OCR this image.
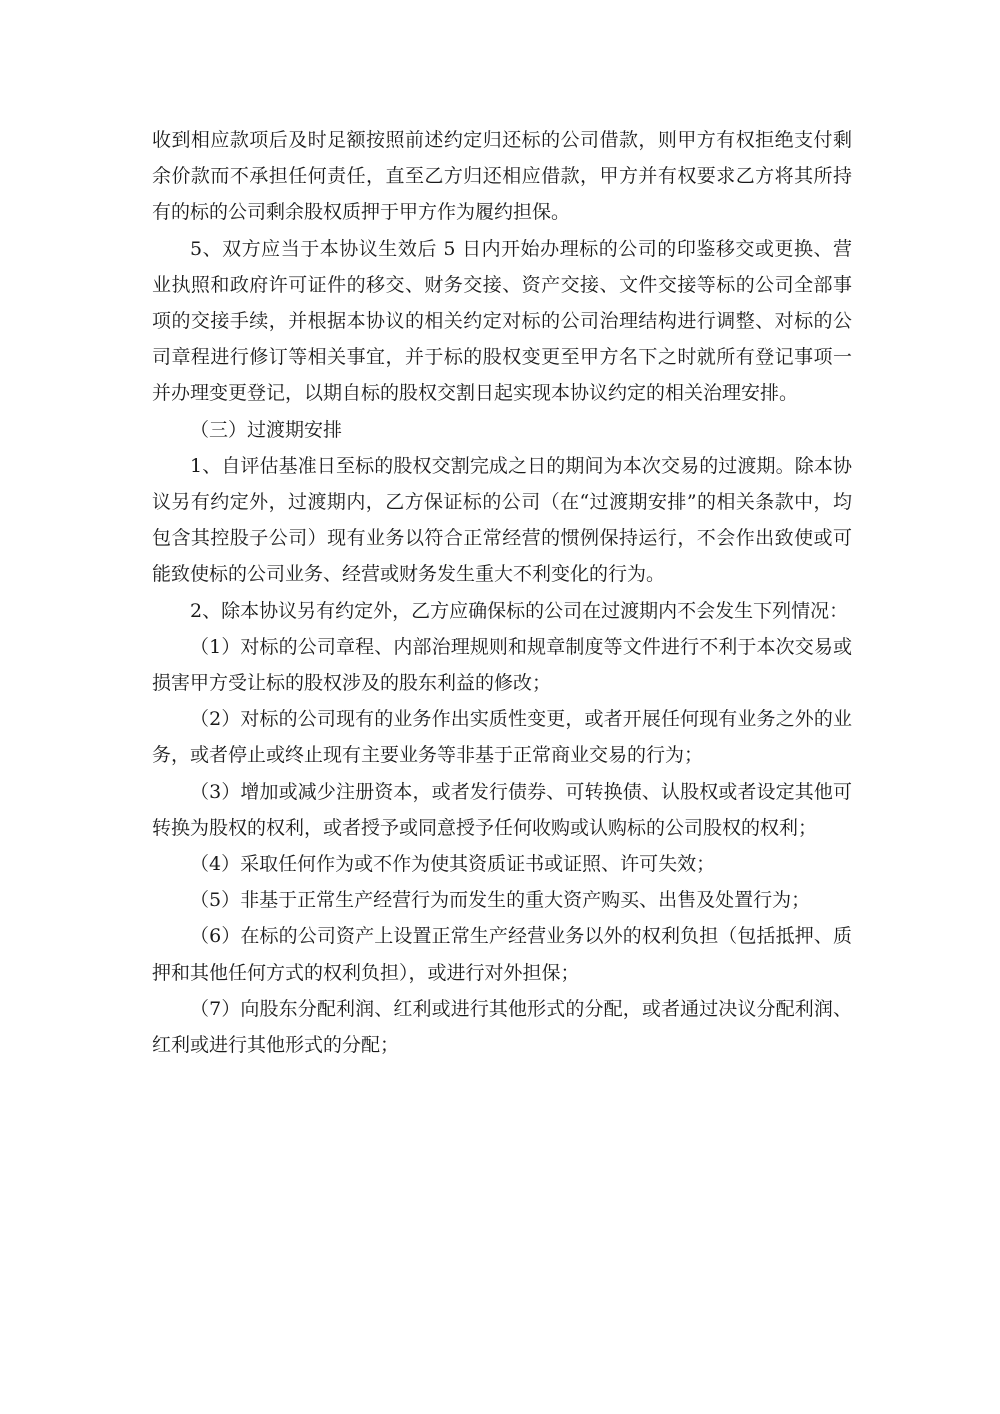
收到相应款项后及时足额按照前述约定归还标的公司借款，则甲方有权拒绝支付剩余价款而不承担任何责任，直至乙方归还相应借款，甲方并有权要求乙方将其所持有的标的公司剩余股权质押于甲方作为履约担保。

5、双方应当于本协议生效后 5 日内开始办理标的公司的印鉴移交或更换、营业执照和政府许可证件的移交、财务交接、资产交接、文件交接等标的公司全部事项的交接手续，并根据本协议的相关约定对标的公司治理结构进行调整、对标的公司章程进行修订等相关事宜，并于标的股权变更至甲方名下之时就所有登记事项一并办理变更登记，以期自标的股权交割日起实现本协议约定的相关治理安排。

（三）过渡期安排

1、自评估基准日至标的股权交割完成之日的期间为本次交易的过渡期。除本协议另有约定外，过渡期内，乙方保证标的公司（在“过渡期安排”的相关条款中，均包含其控股子公司）现有业务以符合正常经营的惯例保持运行，不会作出致使或可能致使标的公司业务、经营或财务发生重大不利变化的行为。

2、除本协议另有约定外，乙方应确保标的公司在过渡期内不会发生下列情况：

（1）对标的公司章程、内部治理规则和规章制度等文件进行不利于本次交易或损害甲方受让标的股权涉及的股东利益的修改；

（2）对标的公司现有的业务作出实质性变更，或者开展任何现有业务之外的业务，或者停止或终止现有主要业务等非基于正常商业交易的行为；

（3）增加或减少注册资本，或者发行债券、可转换债、认股权或者设定其他可转换为股权的权利，或者授予或同意授予任何收购或认购标的公司股权的权利；

（4）采取任何作为或不作为使其资质证书或证照、许可失效；

（5）非基于正常生产经营行为而发生的重大资产购买、出售及处置行为；

（6）在标的公司资产上设置正常生产经营业务以外的权利负担（包括抵押、质押和其他任何方式的权利负担），或进行对外担保；

（7）向股东分配利润、红利或进行其他形式的分配，或者通过决议分配利润、红利或进行其他形式的分配；
